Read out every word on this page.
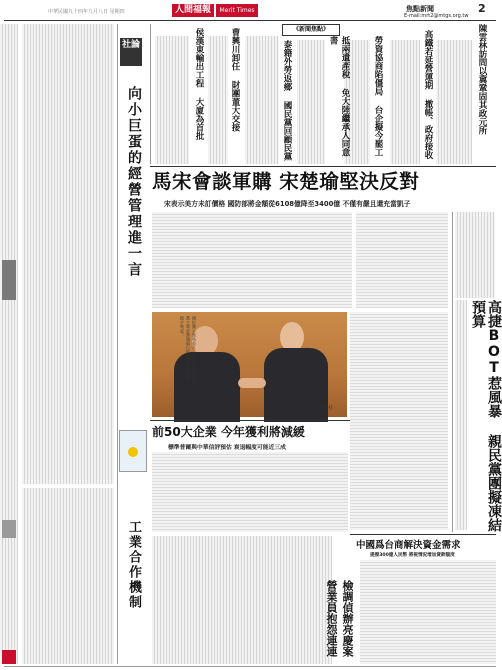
中華民國九十四年九月八日 星期四	人間福報	Merit Times	焦點新聞	2
E-mail:mrt2@mtgs.org.tw
社論
向小巨蛋的經營管理進一言
工業合作機制
《新聞焦點》	陳雲林訪問以冀鞏固其政元所
高鐵若延營運期 撤帳、政府接收
勞資協商陷僵局 台企擬今罷工
抵兩遺產稅 免大陸繼承人同意書
泰籍外勞返鄉 國民黨回顧民黨
曹興川卸任 財團董大交接
侯漢東輸出工程 大廈為首批
馬宋會談軍購 宋楚瑜堅決反對
宋表示美方未訂價格 國防部將金額從6108億降至3400億 不僅有嚴且還充當凱子
高捷BOT惹風暴 親民黨團擬凍結預算
國民黨主席馬英九（右）昨日與親民黨主席宋楚瑜舉行馬宋會，會後兩人握手致意。
中央社
前50大企業 今年獲利將減緩
標準普爾與中華信評預估 衰退幅度可能近三成
中國爲台商解決資金需求
提撥300億人民幣 將視情況增加貸款額度
檢調偵辦亮慶案
營業員抱怨連連
